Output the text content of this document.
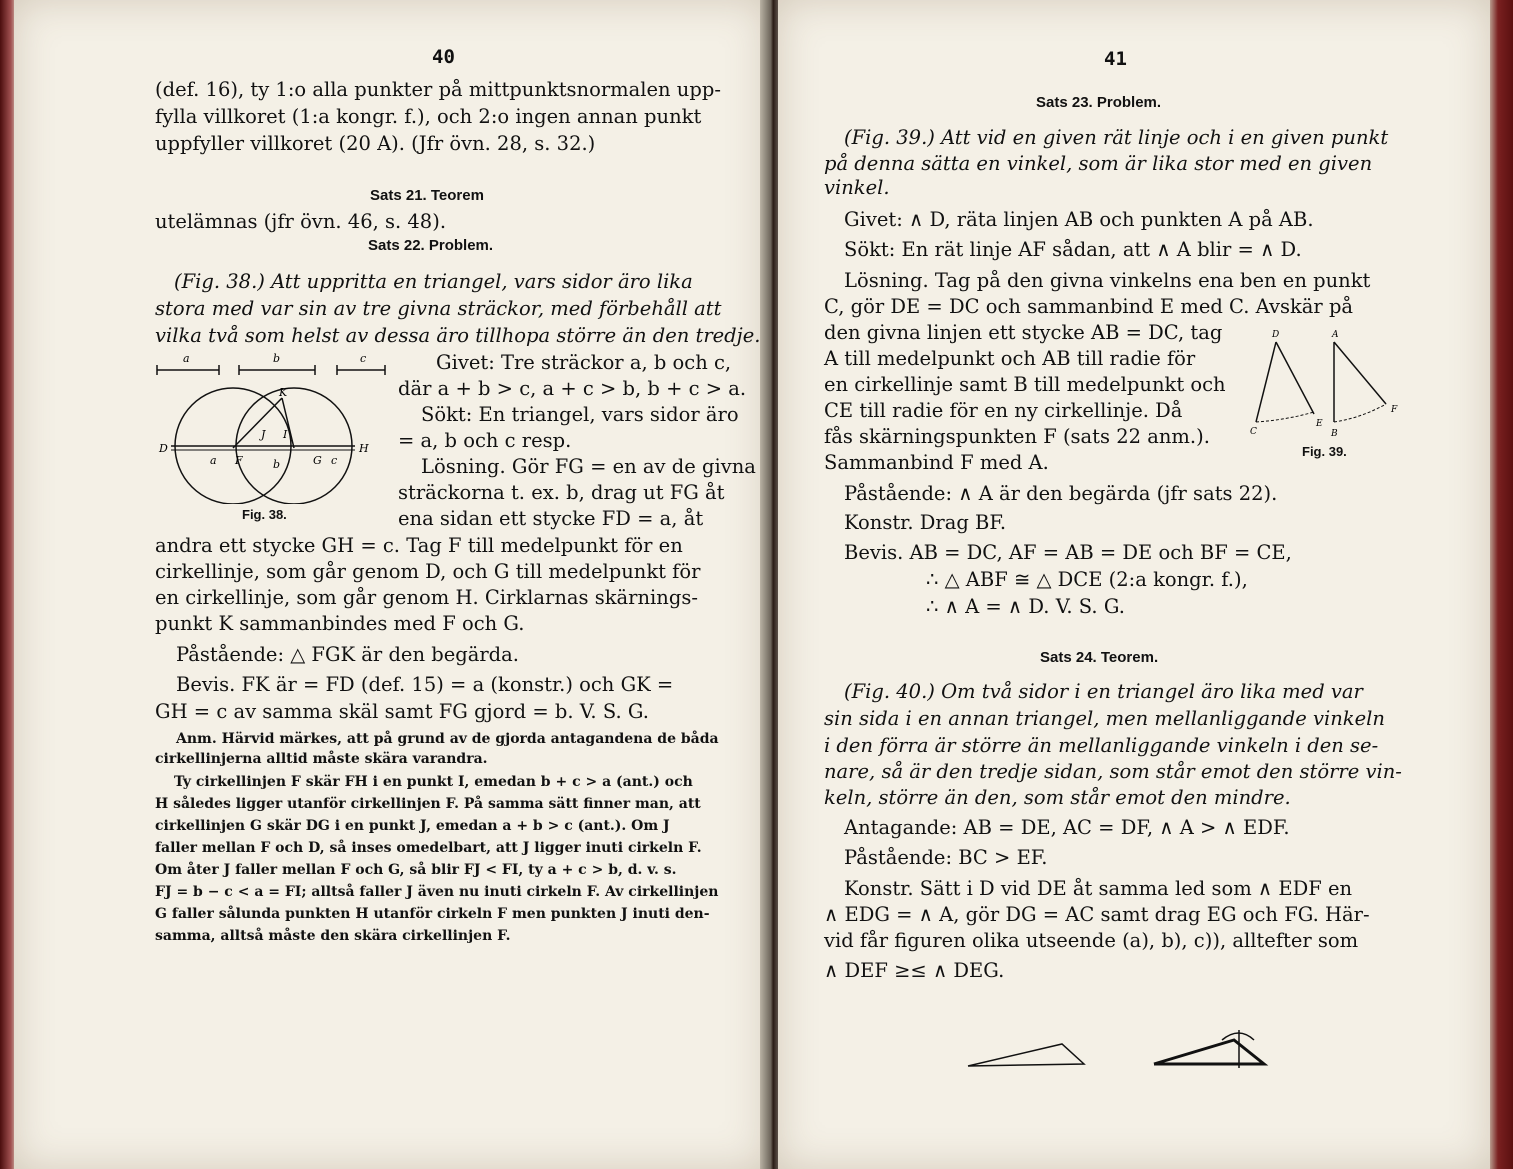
40
(def. 16), ty 1:o alla punkter på mittpunktsnormalen upp-
fylla villkoret (1:a kongr. f.), och 2:o ingen annan punkt
uppfyller villkoret (20 A). (Jfr övn. 28, s. 32.)
Sats 21. Teorem
utelämnas (jfr övn. 46, s. 48).
Sats 22. Problem.
(Fig. 38.) Att uppritta en triangel, vars sidor äro lika
stora med var sin av tre givna sträckor, med förbehåll att
vilka två som helst av dessa äro tillhopa större än den tredje.
a	b	c
D	H
K
J I
a F	b	G c
Fig. 38.
Givet: Tre sträckor a, b och c,
där a + b > c, a + c > b, b + c > a.
Sökt: En triangel, vars sidor äro
= a, b och c resp.
Lösning. Gör FG = en av de givna
sträckorna t. ex. b, drag ut FG åt
ena sidan ett stycke FD = a, åt
andra ett stycke GH = c. Tag F till medelpunkt för en
cirkellinje, som går genom D, och G till medelpunkt för
en cirkellinje, som går genom H. Cirklarnas skärnings-
punkt K sammanbindes med F och G.
Påstående: △ FGK är den begärda.
Bevis. FK är = FD (def. 15) = a (konstr.) och GK =
GH = c av samma skäl samt FG gjord = b. V. S. G.
Anm. Härvid märkes, att på grund av de gjorda antagandena de båda
cirkellinjerna alltid måste skära varandra.
Ty cirkellinjen F skär FH i en punkt I, emedan b + c > a (ant.) och
H således ligger utanför cirkellinjen F. På samma sätt finner man, att
cirkellinjen G skär DG i en punkt J, emedan a + b > c (ant.). Om J
faller mellan F och D, så inses omedelbart, att J ligger inuti cirkeln F.
Om åter J faller mellan F och G, så blir FJ < FI, ty a + c > b, d. v. s.
FJ = b − c < a = FI; alltså faller J även nu inuti cirkeln F. Av cirkellinjen
G faller sålunda punkten H utanför cirkeln F men punkten J inuti den-
samma, alltså måste den skära cirkellinjen F.
41
Sats 23. Problem.
(Fig. 39.) Att vid en given rät linje och i en given punkt
på denna sätta en vinkel, som är lika stor med en given
vinkel.
Givet: ∧ D, räta linjen AB och punkten A på AB.
Sökt: En rät linje AF sådan, att ∧ A blir = ∧ D.
Lösning. Tag på den givna vinkelns ena ben en punkt
C, gör DE = DC och sammanbind E med C. Avskär på
den givna linjen ett stycke AB = DC, tag
A till medelpunkt och AB till radie för
en cirkellinje samt B till medelpunkt och
CE till radie för en ny cirkellinje. Då
fås skärningspunkten F (sats 22 anm.).
Sammanbind F med A.
D	A
C
E
B
F
Fig. 39.
Påstående: ∧ A är den begärda (jfr sats 22).
Konstr. Drag BF.
Bevis. AB = DC, AF = AB = DE och BF = CE,
∴ △ ABF ≅ △ DCE (2:a kongr. f.),
∴ ∧ A = ∧ D. V. S. G.
Sats 24. Teorem.
(Fig. 40.) Om två sidor i en triangel äro lika med var
sin sida i en annan triangel, men mellanliggande vinkeln
i den förra är större än mellanliggande vinkeln i den se-
nare, så är den tredje sidan, som står emot den större vin-
keln, större än den, som står emot den mindre.
Antagande: AB = DE, AC = DF, ∧ A > ∧ EDF.
Påstående: BC > EF.
Konstr. Sätt i D vid DE åt samma led som ∧ EDF en
∧ EDG = ∧ A, gör DG = AC samt drag EG och FG. Här-
vid får figuren olika utseende (a), b), c)), alltefter som
∧ DEF ≥≤ ∧ DEG.
